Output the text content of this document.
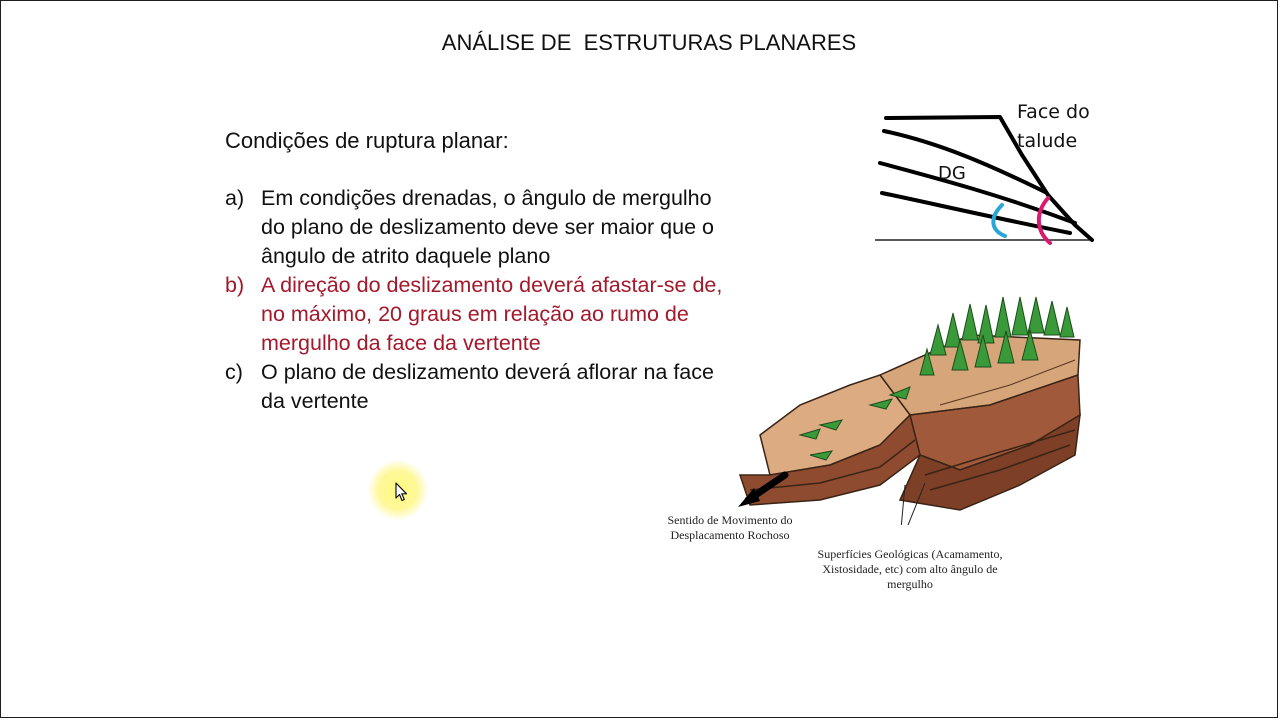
ANÁLISE DE  ESTRUTURAS PLANARES
Condições de ruptura planar:
a) Em condições drenadas, o ângulo de mergulho do plano de deslizamento deve ser maior que o ângulo de atrito daquele plano
b) A direção do deslizamento deverá afastar-se de, no máximo, 20 graus em relação ao rumo de mergulho da face da vertente
c) O plano de deslizamento deverá aflorar na face da vertente
Face do talude
DG
Sentido de Movimento do Desplacamento Rochoso
Superfícies Geológicas (Acamamento, Xistosidade, etc) com alto ângulo de mergulho
